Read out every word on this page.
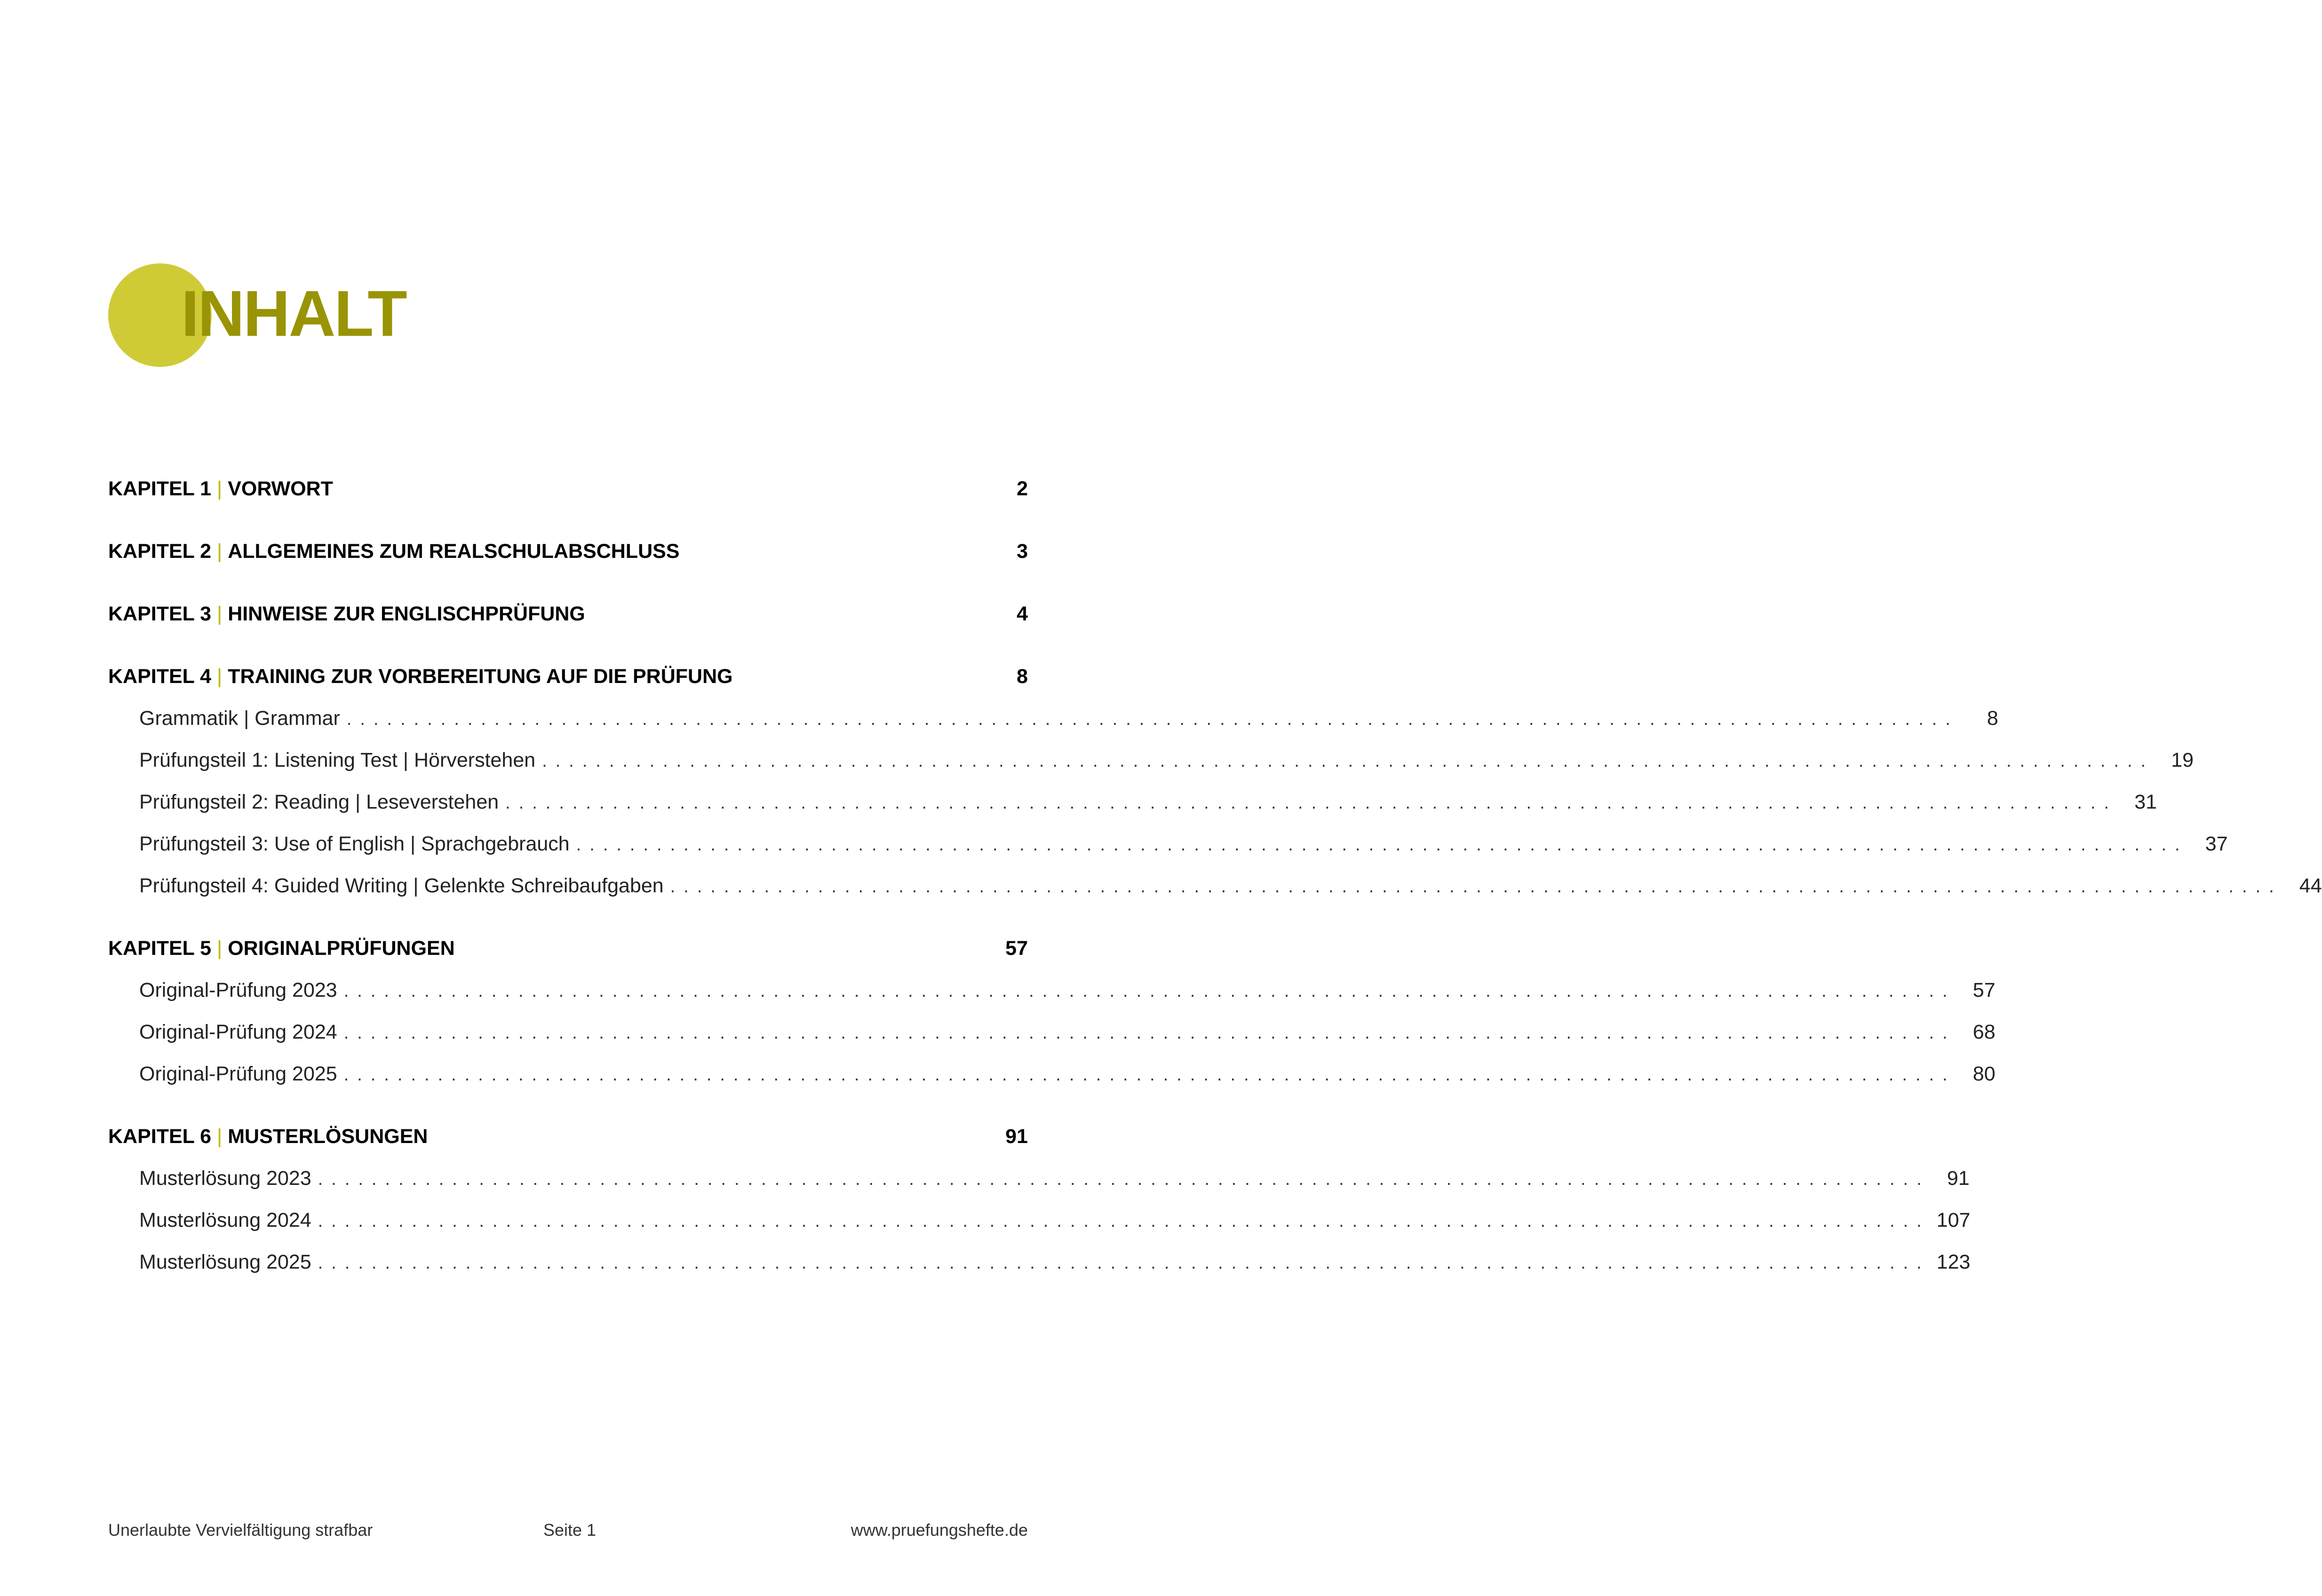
INHALT
KAPITEL 1 | VORWORT	2
KAPITEL 2 | ALLGEMEINES ZUM REALSCHULABSCHLUSS	3
KAPITEL 3 | HINWEISE ZUR ENGLISCHPRÜFUNG	4
KAPITEL 4 | TRAINING ZUR VORBEREITUNG AUF DIE PRÜFUNG	8
Grammatik | Grammar ........................................................................................................................	8
Prüfungsteil 1: Listening Test | Hörverstehen ........................................................................................................................ 19
Prüfungsteil 2: Reading | Leseverstehen ........................................................................................................................ 31
Prüfungsteil 3: Use of English | Sprachgebrauch ........................................................................................................................ 37
Prüfungsteil 4: Guided Writing | Gelenkte Schreibaufgaben ........................................................................................................................ 44
KAPITEL 5 | ORIGINALPRÜFUNGEN	57
Original-Prüfung 2023 ........................................................................................................................ 57
Original-Prüfung 2024 ........................................................................................................................ 68
Original-Prüfung 2025 ........................................................................................................................ 80
KAPITEL 6 | MUSTERLÖSUNGEN	91
Musterlösung 2023 ........................................................................................................................ 91
Musterlösung 2024 ........................................................................................................................ 107
Musterlösung 2025 ........................................................................................................................ 123
Unerlaubte Vervielfältigung strafbar	Seite 1	www.pruefungshefte.de
